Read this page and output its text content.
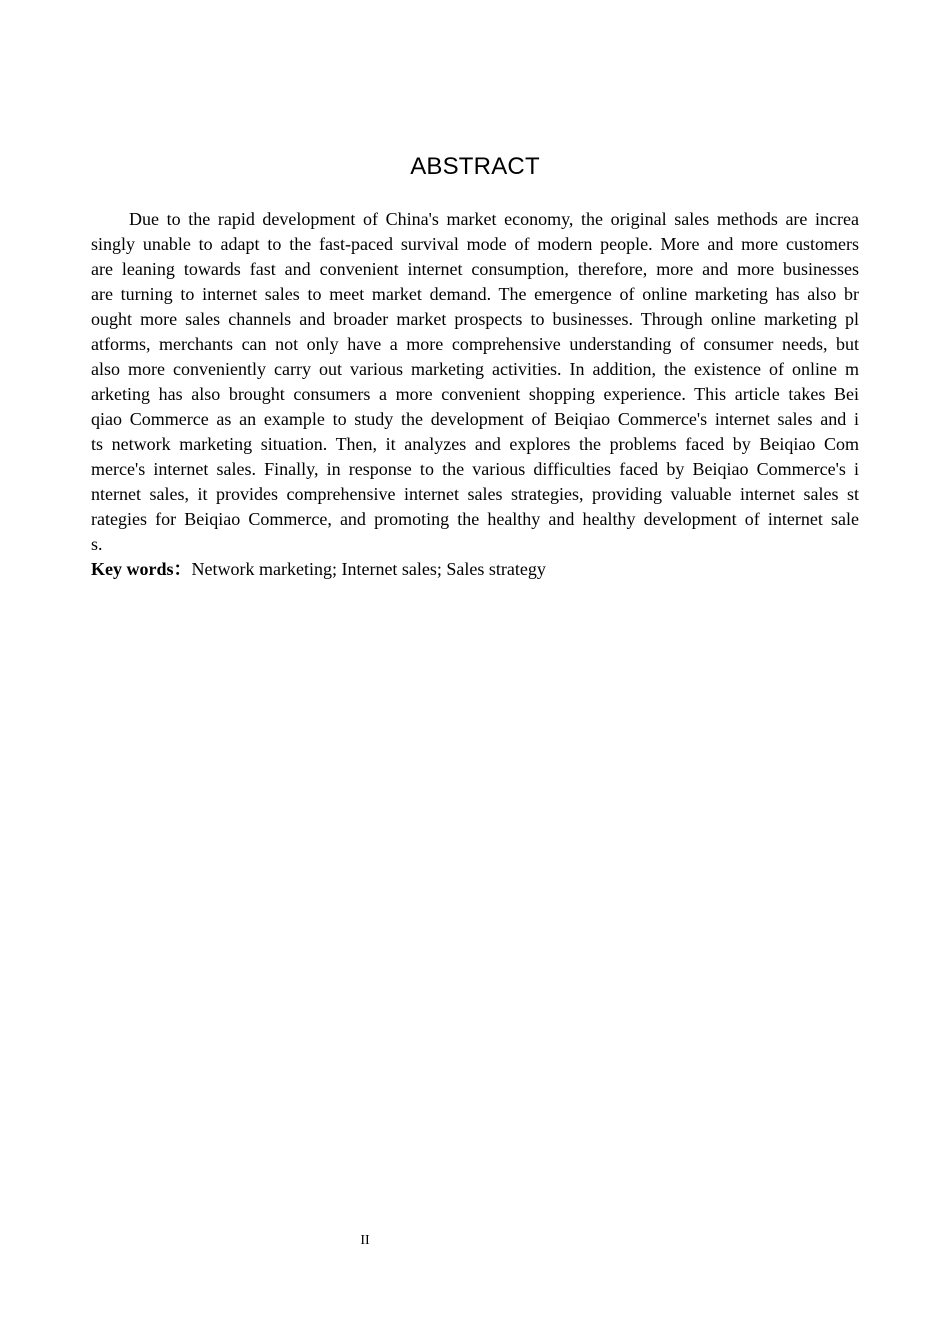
ABSTRACT
Due to the rapid development of China's market economy, the original sales methods are increa
singly unable to adapt to the fast-paced survival mode of modern people. More and more customers
are leaning towards fast and convenient internet consumption, therefore, more and more businesses
are turning to internet sales to meet market demand. The emergence of online marketing has also br
ought more sales channels and broader market prospects to businesses. Through online marketing pl
atforms, merchants can not only have a more comprehensive understanding of consumer needs, but
also more conveniently carry out various marketing activities. In addition, the existence of online m
arketing has also brought consumers a more convenient shopping experience. This article takes Bei
qiao Commerce as an example to study the development of Beiqiao Commerce's internet sales and i
ts network marketing situation. Then, it analyzes and explores the problems faced by Beiqiao Com
merce's internet sales. Finally, in response to the various difficulties faced by Beiqiao Commerce's i
nternet sales, it provides comprehensive internet sales strategies, providing valuable internet sales st
rategies for Beiqiao Commerce, and promoting the healthy and healthy development of internet sale
s.
Key words：Network marketing; Internet sales; Sales strategy
II
